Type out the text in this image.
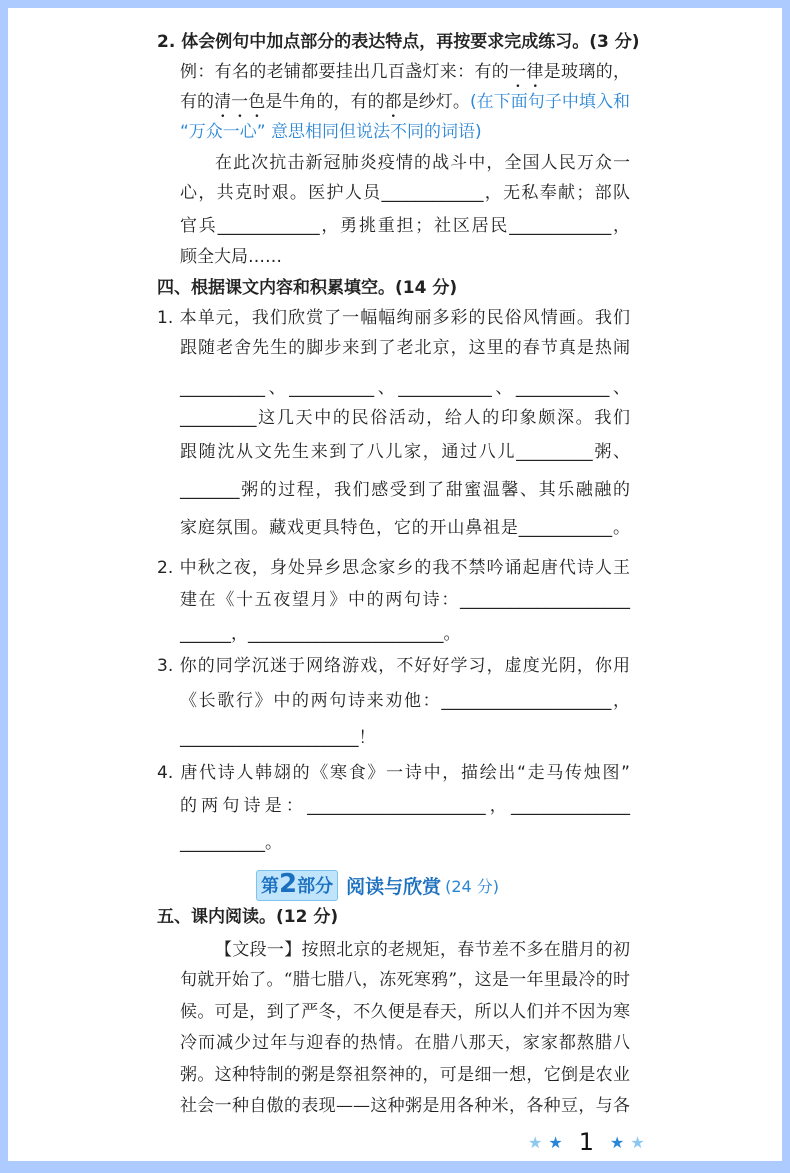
第2部分 阅读与欣赏 (24 分)
★ ★ 1 ★ ★
2. 体会例句中加点部分的表达特点，再按要求完成练习。(3 分)
例：有名的老铺都要挂出几百盏灯来：有的一律是玻璃的，
有的清一色是牛角的，有的都是纱灯。(在下面句子中填入和
“万众一心” 意思相同但说法不同的词语)
在此次抗击新冠肺炎疫情的战斗中，全国人民万众一
心，共克时艰。医护人员____________，无私奉献；部队
官兵____________，勇挑重担；社区居民____________，
顾全大局……
四、根据课文内容和积累填空。(14 分)
1. 本单元，我们欣赏了一幅幅绚丽多彩的民俗风情画。我们
跟随老舍先生的脚步来到了老北京，这里的春节真是热闹
__________、__________、___________、___________、
_________这几天中的民俗活动，给人的印象颇深。我们
跟随沈从文先生来到了八儿家，通过八儿_________粥、
_______粥的过程，我们感受到了甜蜜温馨、其乐融融的
家庭氛围。藏戏更具特色，它的开山鼻祖是___________。
2. 中秋之夜，身处异乡思念家乡的我不禁吟诵起唐代诗人王
建在《十五夜望月》中的两句诗：____________________
______，_______________________。
3. 你的同学沉迷于网络游戏，不好好学习，虚度光阴，你用
《长歌行》中的两句诗来劝他：____________________，
_____________________！
4. 唐代诗人韩翃的《寒食》一诗中，描绘出“走马传烛图”
的两句诗是：_____________________，______________
__________。
五、课内阅读。(12 分)
【文段一】按照北京的老规矩，春节差不多在腊月的初
旬就开始了。“腊七腊八，冻死寒鸦”，这是一年里最冷的时
候。可是，到了严冬，不久便是春天，所以人们并不因为寒
冷而减少过年与迎春的热情。在腊八那天，家家都熬腊八
粥。这种特制的粥是祭祖祭神的，可是细一想，它倒是农业
社会一种自傲的表现——这种粥是用各种米，各种豆，与各
